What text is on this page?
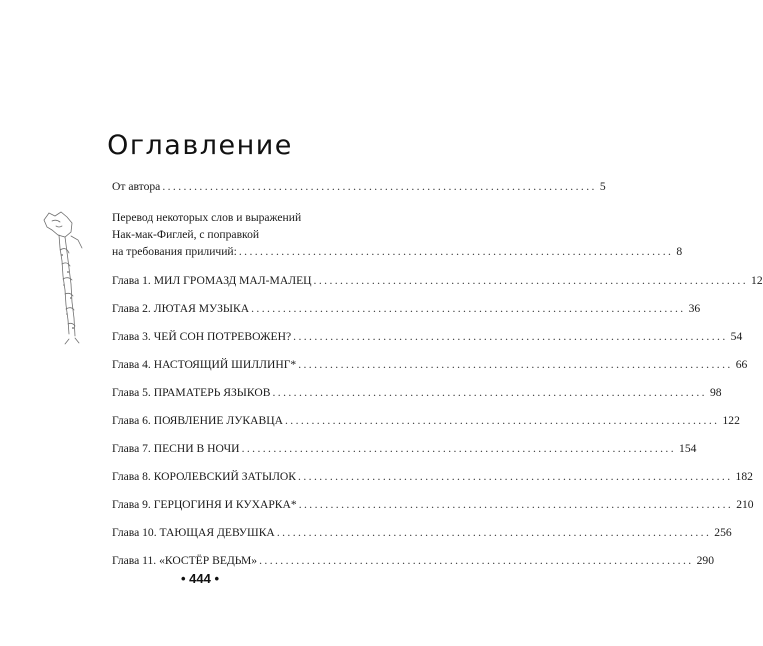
Оглавление
От автора .................................................................................. 5
Перевод некоторых слов и выражений
Нак-мак-Фиглей, с поправкой
на требования приличий: .................................................................................. 8
Глава 1. МИЛ ГРОМАЗД МАЛ-МАЛЕЦ .................................................................................. 12
Глава 2. ЛЮТАЯ МУЗЫКА .................................................................................. 36
Глава 3. ЧЕЙ СОН ПОТРЕВОЖЕН? .................................................................................. 54
Глава 4. НАСТОЯЩИЙ ШИЛЛИНГ* .................................................................................. 66
Глава 5. ПРАМАТЕРЬ ЯЗЫКОВ .................................................................................. 98
Глава 6. ПОЯВЛЕНИЕ ЛУКАВЦА .................................................................................. 122
Глава 7. ПЕСНИ В НОЧИ .................................................................................. 154
Глава 8. КОРОЛЕВСКИЙ ЗАТЫЛОК .................................................................................. 182
Глава 9. ГЕРЦОГИНЯ И КУХАРКА* .................................................................................. 210
Глава 10. ТАЮЩАЯ ДЕВУШКА .................................................................................. 256
Глава 11. «КОСТЁР ВЕДЬМ» .................................................................................. 290
• 444 •
